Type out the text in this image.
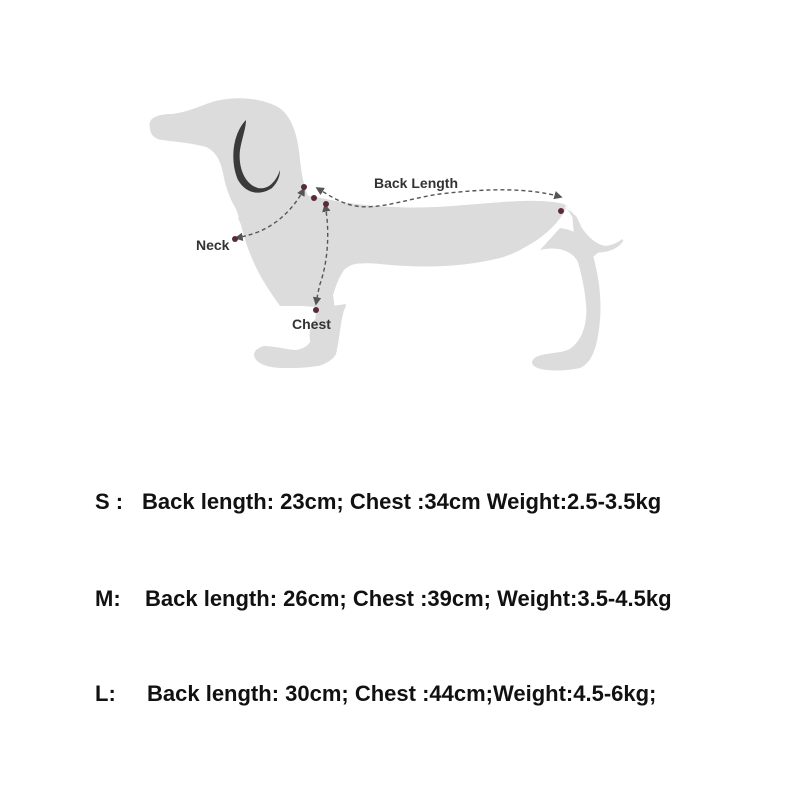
Back Length
Neck
Chest
S : Back length: 23cm; Chest :34cm Weight:2.5-3.5kg
M: Back length: 26cm; Chest :39cm; Weight:3.5-4.5kg
L: Back length: 30cm; Chest :44cm;Weight:4.5-6kg;
